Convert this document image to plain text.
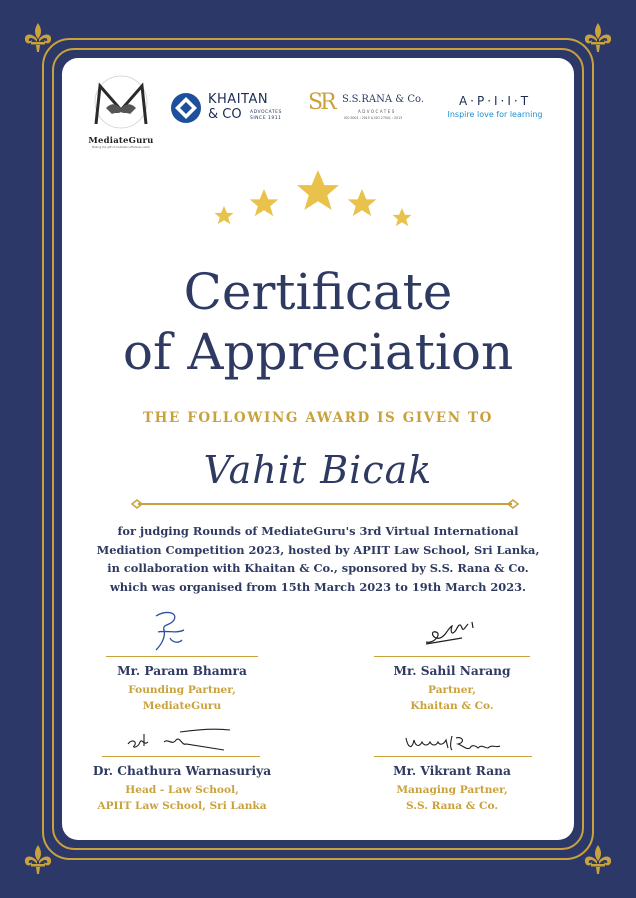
MediateGuru
Making the gift of mediation effortless (estd)
KHAITAN
& CO ADVOCATES
SINCE 1911
SR S.S.RANA & Co.
ADVOCATES
ISO 9001 : 2015 & ISO 27001 : 2013
A·P·I·I·T
Inspire love for learning
Certificate
of Appreciation
THE FOLLOWING AWARD IS GIVEN TO
Vahit Bicak
for judging Rounds of MediateGuru's 3rd Virtual International
Mediation Competition 2023, hosted by APIIT Law School, Sri Lanka,
in collaboration with Khaitan & Co., sponsored by S.S. Rana & Co.
which was organised from 15th March 2023 to 19th March 2023.
Mr. Param Bhamra
Founding Partner,
MediateGuru
Mr. Sahil Narang
Partner,
Khaitan & Co.
Dr. Chathura Warnasuriya
Head - Law School,
APIIT Law School, Sri Lanka
Mr. Vikrant Rana
Managing Partner,
S.S. Rana & Co.
